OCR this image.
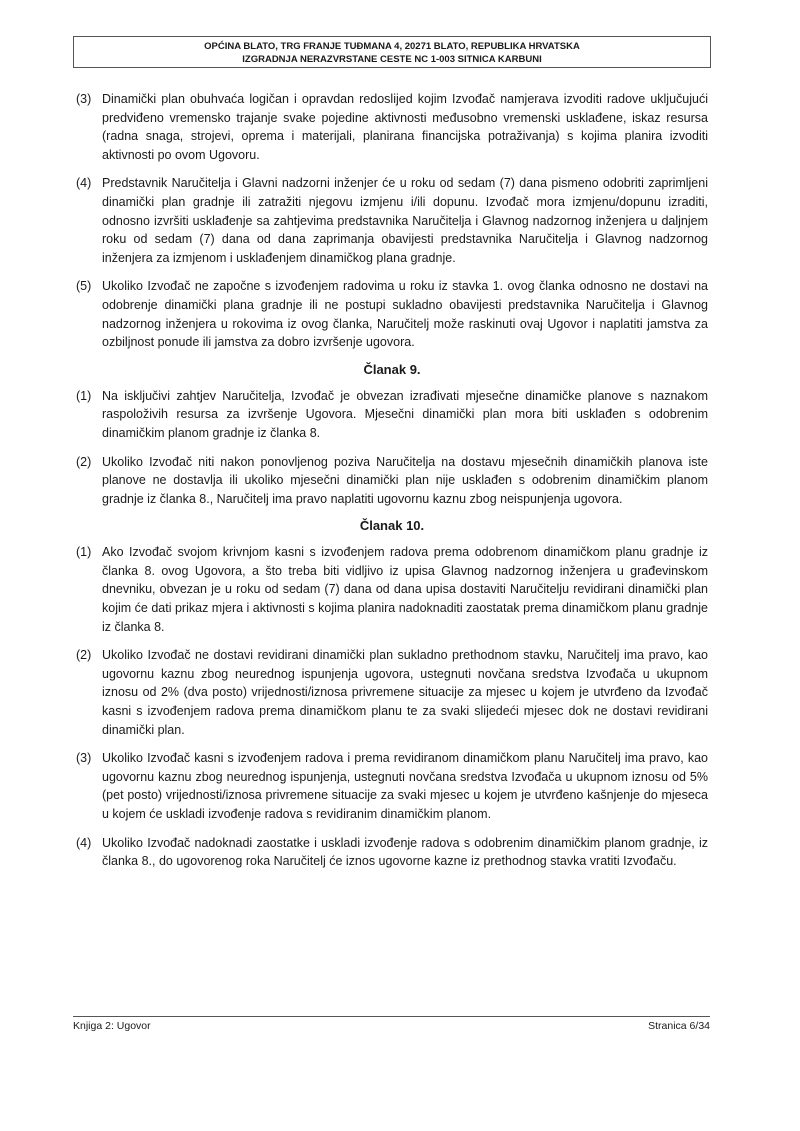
OPĆINA BLATO, TRG FRANJE TUĐMANA 4, 20271 BLATO, REPUBLIKA HRVATSKA
IZGRADNJA NERAZVRSTANE CESTE NC 1-003 SITNICA KARBUNI
(3) Dinamički plan obuhvaća logičan i opravdan redoslijed kojim Izvođač namjerava izvoditi radove uključujući predviđeno vremensko trajanje svake pojedine aktivnosti međusobno vremenski usklađene, iskaz resursa (radna snaga, strojevi, oprema i materijali, planirana financijska potraživanja) s kojima planira izvoditi aktivnosti po ovom Ugovoru.
(4) Predstavnik Naručitelja i Glavni nadzorni inženjer će u roku od sedam (7) dana pismeno odobriti zaprimljeni dinamički plan gradnje ili zatražiti njegovu izmjenu i/ili dopunu. Izvođač mora izmjenu/dopunu izraditi, odnosno izvršiti usklađenje sa zahtjevima predstavnika Naručitelja i Glavnog nadzornog inženjera u daljnjem roku od sedam (7) dana od dana zaprimanja obavijesti predstavnika Naručitelja i Glavnog nadzornog inženjera za izmjenom i usklađenjem dinamičkog plana gradnje.
(5) Ukoliko Izvođač ne započne s izvođenjem radovima u roku iz stavka 1. ovog članka odnosno ne dostavi na odobrenje dinamički plana gradnje ili ne postupi sukladno obavijesti predstavnika Naručitelja i Glavnog nadzornog inženjera u rokovima iz ovog članka, Naručitelj može raskinuti ovaj Ugovor i naplatiti jamstva za ozbiljnost ponude ili jamstva za dobro izvršenje ugovora.
Članak 9.
(1) Na isključivi zahtjev Naručitelja, Izvođač je obvezan izrađivati mjesečne dinamičke planove s naznakom raspoloživih resursa za izvršenje Ugovora. Mjesečni dinamički plan mora biti usklađen s odobrenim dinamičkim planom gradnje iz članka 8.
(2) Ukoliko Izvođač niti nakon ponovljenog poziva Naručitelja na dostavu mjesečnih dinamičkih planova iste planove ne dostavlja ili ukoliko mjesečni dinamički plan nije usklađen s odobrenim dinamičkim planom gradnje iz članka 8., Naručitelj ima pravo naplatiti ugovornu kaznu zbog neispunjenja ugovora.
Članak 10.
(1) Ako Izvođač svojom krivnjom kasni s izvođenjem radova prema odobrenom dinamičkom planu gradnje iz članka 8. ovog Ugovora, a što treba biti vidljivo iz upisa Glavnog nadzornog inženjera u građevinskom dnevniku, obvezan je u roku od sedam (7) dana od dana upisa dostaviti Naručitelju revidirani dinamički plan kojim će dati prikaz mjera i aktivnosti s kojima planira nadoknaditi zaostatak prema dinamičkom planu gradnje iz članka 8.
(2) Ukoliko Izvođač ne dostavi revidirani dinamički plan sukladno prethodnom stavku, Naručitelj ima pravo, kao ugovornu kaznu zbog neurednog ispunjenja ugovora, ustegnuti novčana sredstva Izvođača u ukupnom iznosu od 2% (dva posto) vrijednosti/iznosa privremene situacije za mjesec u kojem je utvrđeno da Izvođač kasni s izvođenjem radova prema dinamičkom planu te za svaki slijedeći mjesec dok ne dostavi revidirani dinamički plan.
(3) Ukoliko Izvođač kasni s izvođenjem radova i prema revidiranom dinamičkom planu Naručitelj ima pravo, kao ugovornu kaznu zbog neurednog ispunjenja, ustegnuti novčana sredstva Izvođača u ukupnom iznosu od 5% (pet posto) vrijednosti/iznosa privremene situacije za svaki mjesec u kojem je utvrđeno kašnjenje do mjeseca u kojem će uskladi izvođenje radova s revidiranim dinamičkim planom.
(4) Ukoliko Izvođač nadoknadi zaostatke i uskladi izvođenje radova s odobrenim dinamičkim planom gradnje, iz članka 8., do ugovorenog roka Naručitelj će iznos ugovorne kazne iz prethodnog stavka vratiti Izvođaču.
Knjiga 2: Ugovor	Stranica 6/34
